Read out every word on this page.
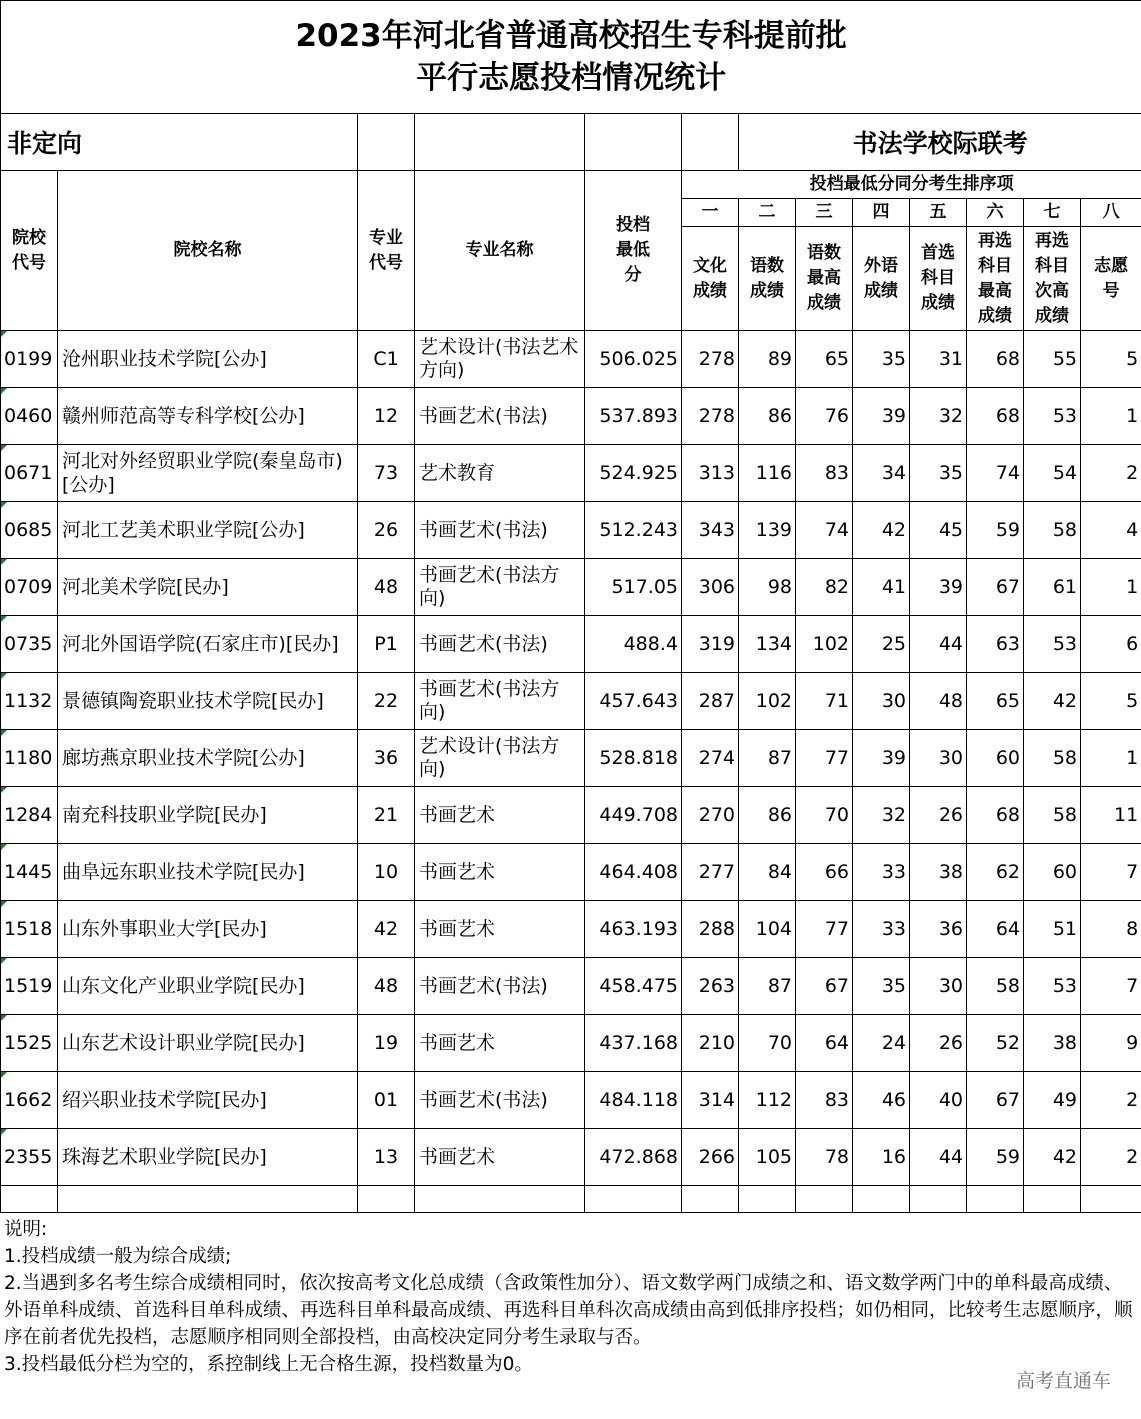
2023年河北省普通高校招生专科提前批
平行志愿投档情况统计												

非定向						书法学校际联考						
院校代号	院校名称	专业代号	专业名称	投档最低分	投档最低分同分考生排序项							
					一	二	三	四	五	六	七	八
					文化成绩	语数成绩	语数最高成绩	外语成绩	首选科目成绩	再选科目最高成绩	再选科目次高成绩	志愿号

0199	沧州职业技术学院[公办]	C1	艺术设计(书法艺术方向)	506.025	278	89	65	35	31	68	55	5

0460	赣州师范高等专科学校[公办]	12	书画艺术(书法)	537.893	278	86	76	39	32	68	53	1

0671	河北对外经贸职业学院(秦皇岛市)[公办]	73	艺术教育	524.925	313	116	83	34	35	74	54	2

0685	河北工艺美术职业学院[公办]	26	书画艺术(书法)	512.243	343	139	74	42	45	59	58	4

0709	河北美术学院[民办]	48	书画艺术(书法方向)	517.05	306	98	82	41	39	67	61	1

0735	河北外国语学院(石家庄市)[民办]	P1	书画艺术(书法)	488.4	319	134	102	25	44	63	53	6

1132	景德镇陶瓷职业技术学院[民办]	22	书画艺术(书法方向)	457.643	287	102	71	30	48	65	42	5

1180	廊坊燕京职业技术学院[公办]	36	艺术设计(书法方向)	528.818	274	87	77	39	30	60	58	1

1284	南充科技职业学院[民办]	21	书画艺术	449.708	270	86	70	32	26	68	58	11

1445	曲阜远东职业技术学院[民办]	10	书画艺术	464.408	277	84	66	33	38	62	60	7

1518	山东外事职业大学[民办]	42	书画艺术	463.193	288	104	77	33	36	64	51	8

1519	山东文化产业职业学院[民办]	48	书画艺术(书法)	458.475	263	87	67	35	30	58	53	7

1525	山东艺术设计职业学院[民办]	19	书画艺术	437.168	210	70	64	24	26	52	38	9

1662	绍兴职业技术学院[民办]	01	书画艺术(书法)	484.118	314	112	83	46	40	67	49	2

2355	珠海艺术职业学院[民办]	13	书画艺术	472.868	266	105	78	16	44	59	42	2

说明:
1.投档成绩一般为综合成绩;
2.当遇到多名考生综合成绩相同时，依次按高考文化总成绩（含政策性加分）、语文数学两门成绩之和、语文数学两门中的单科最高成绩、外语单科成绩、首选科目单科成绩、再选科目单科最高成绩、再选科目单科次高成绩由高到低排序投档；如仍相同，比较考生志愿顺序，顺序在前者优先投档，志愿顺序相同则全部投档，由高校决定同分考生录取与否。
3.投档最低分栏为空的，系控制线上无合格生源，投档数量为0。
高考直通车
